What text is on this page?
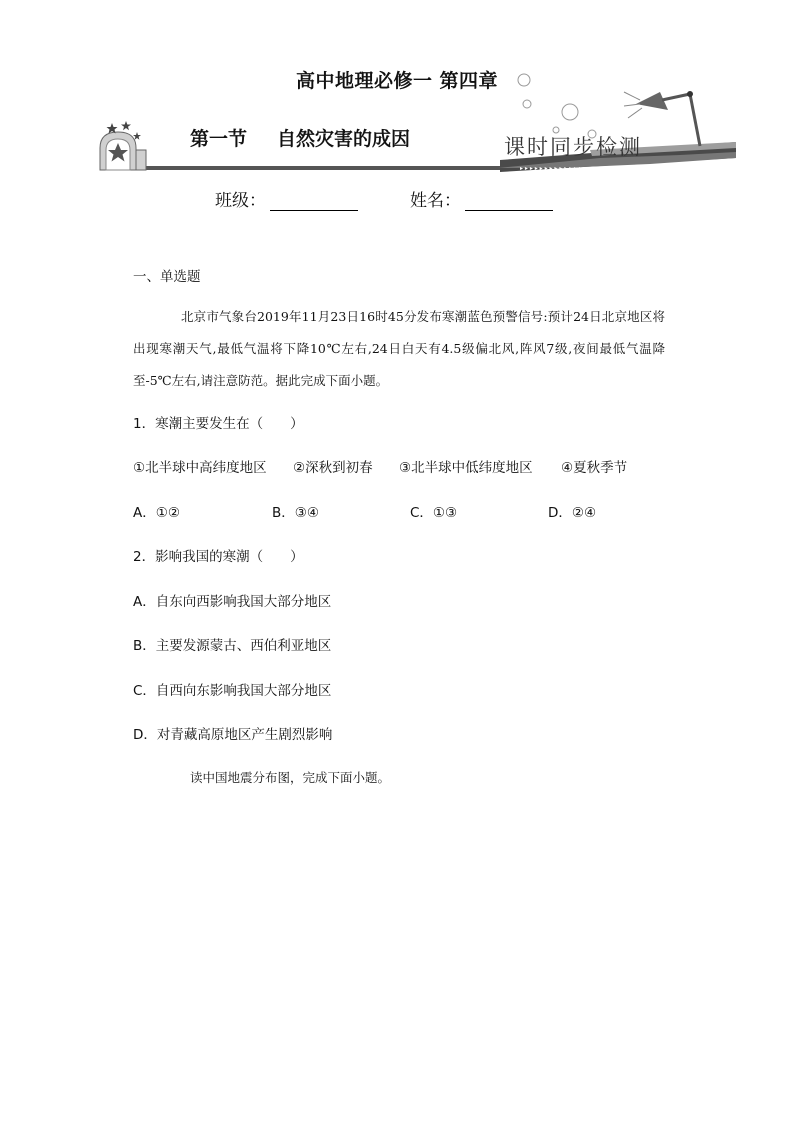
▸ ▸ ▸ ▸ ▸ ▸ ▸ ▸ ▸ ▸ ▸ ▸ ▸ ▸ ▸ ▸ ▸ ▸ ▸ ▸ ▸
高中地理必修一 第四章
第一节 自然灾害的成因	课时同步检测
班级：	姓名：
一、单选题
北京市气象台2019年11月23日16时45分发布寒潮蓝色预警信号:预计24日北京地区将出现寒潮天气,最低气温将下降10℃左右,24日白天有4.5级偏北风,阵风7级,夜间最低气温降至-5℃左右,请注意防范。据此完成下面小题。
1．寒潮主要发生在（　　）
①北半球中高纬度地区 ②深秋到初春 ③北半球中低纬度地区 ④夏秋季节
A．①②	B．③④	C．①③	D．②④
2．影响我国的寒潮（　　）
A．自东向西影响我国大部分地区
B．主要发源蒙古、西伯利亚地区
C．自西向东影响我国大部分地区
D．对青藏高原地区产生剧烈影响
读中国地震分布图，完成下面小题。
